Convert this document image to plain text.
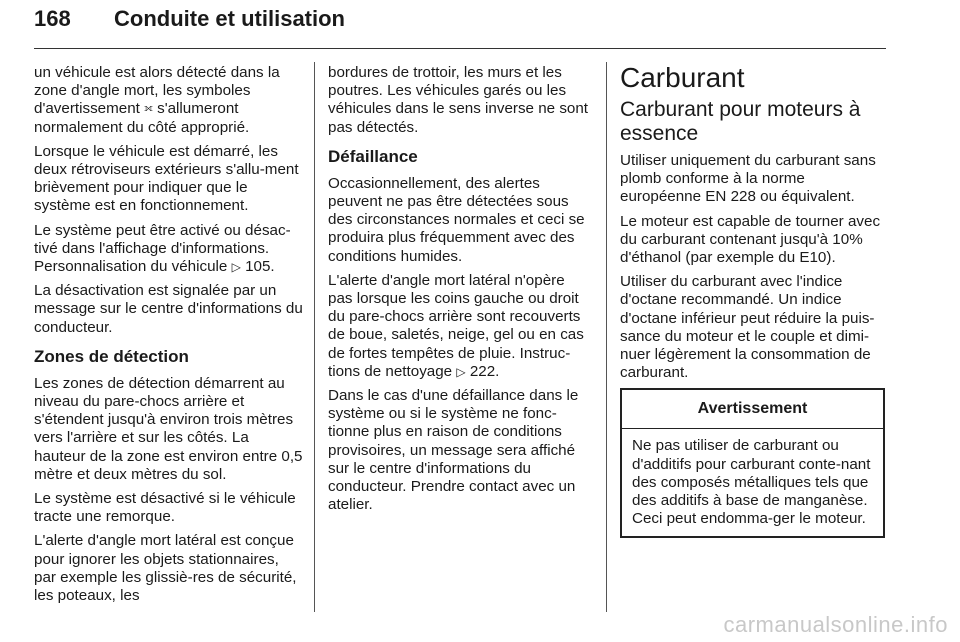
168 Conduite et utilisation

un véhicule est alors détecté dans la zone d'angle mort, les symboles d'avertissement ⟗ s'allumeront normalement du côté approprié.

Lorsque le véhicule est démarré, les deux rétroviseurs extérieurs s'allu-ment brièvement pour indiquer que le système est en fonctionnement.

Le système peut être activé ou désac-tivé dans l'affichage d'informations. Personnalisation du véhicule ▷ 105.

La désactivation est signalée par un message sur le centre d'informations du conducteur.

Zones de détection

Les zones de détection démarrent au niveau du pare-chocs arrière et s'étendent jusqu'à environ trois mètres vers l'arrière et sur les côtés. La hauteur de la zone est environ entre 0,5 mètre et deux mètres du sol.

Le système est désactivé si le véhicule tracte une remorque.

L'alerte d'angle mort latéral est conçue pour ignorer les objets stationnaires, par exemple les glissiè-res de sécurité, les poteaux, les

bordures de trottoir, les murs et les poutres. Les véhicules garés ou les véhicules dans le sens inverse ne sont pas détectés.

Défaillance

Occasionnellement, des alertes peuvent ne pas être détectées sous des circonstances normales et ceci se produira plus fréquemment avec des conditions humides.

L'alerte d'angle mort latéral n'opère pas lorsque les coins gauche ou droit du pare-chocs arrière sont recouverts de boue, saletés, neige, gel ou en cas de fortes tempêtes de pluie. Instruc-tions de nettoyage ▷ 222.

Dans le cas d'une défaillance dans le système ou si le système ne fonc-tionne plus en raison de conditions provisoires, un message sera affiché sur le centre d'informations du conducteur. Prendre contact avec un atelier.

Carburant
Carburant pour moteurs à essence

Utiliser uniquement du carburant sans plomb conforme à la norme européenne EN 228 ou équivalent.

Le moteur est capable de tourner avec du carburant contenant jusqu'à 10% d'éthanol (par exemple du E10).

Utiliser du carburant avec l'indice d'octane recommandé. Un indice d'octane inférieur peut réduire la puis-sance du moteur et le couple et dimi-nuer légèrement la consommation de carburant.

Avertissement

Ne pas utiliser de carburant ou d'additifs pour carburant conte-nant des composés métalliques tels que des additifs à base de manganèse. Ceci peut endomma-ger le moteur.

carmanualsonline.info
